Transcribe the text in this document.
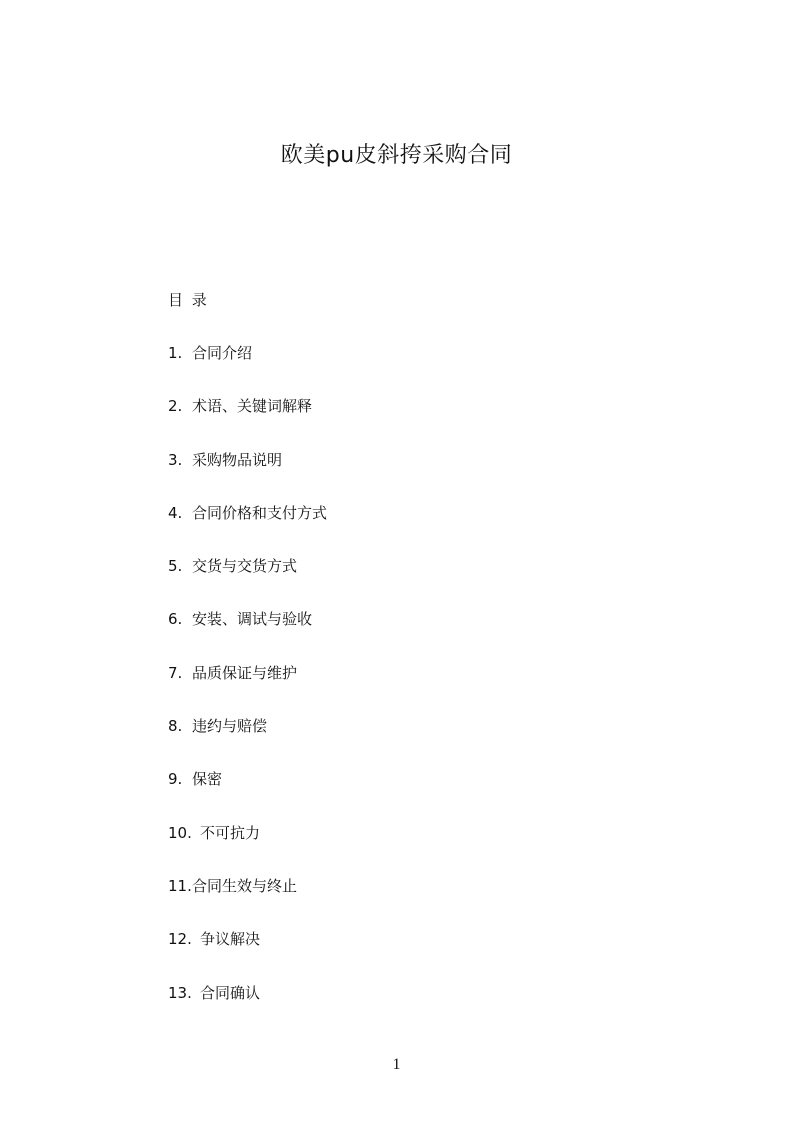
欧美pu皮斜挎采购合同
目 录
1. 合同介绍
2. 术语、关键词解释
3. 采购物品说明
4. 合同价格和支付方式
5. 交货与交货方式
6. 安装、调试与验收
7. 品质保证与维护
8. 违约与赔偿
9. 保密
10. 不可抗力
11.合同生效与终止
12. 争议解决
13. 合同确认
1
